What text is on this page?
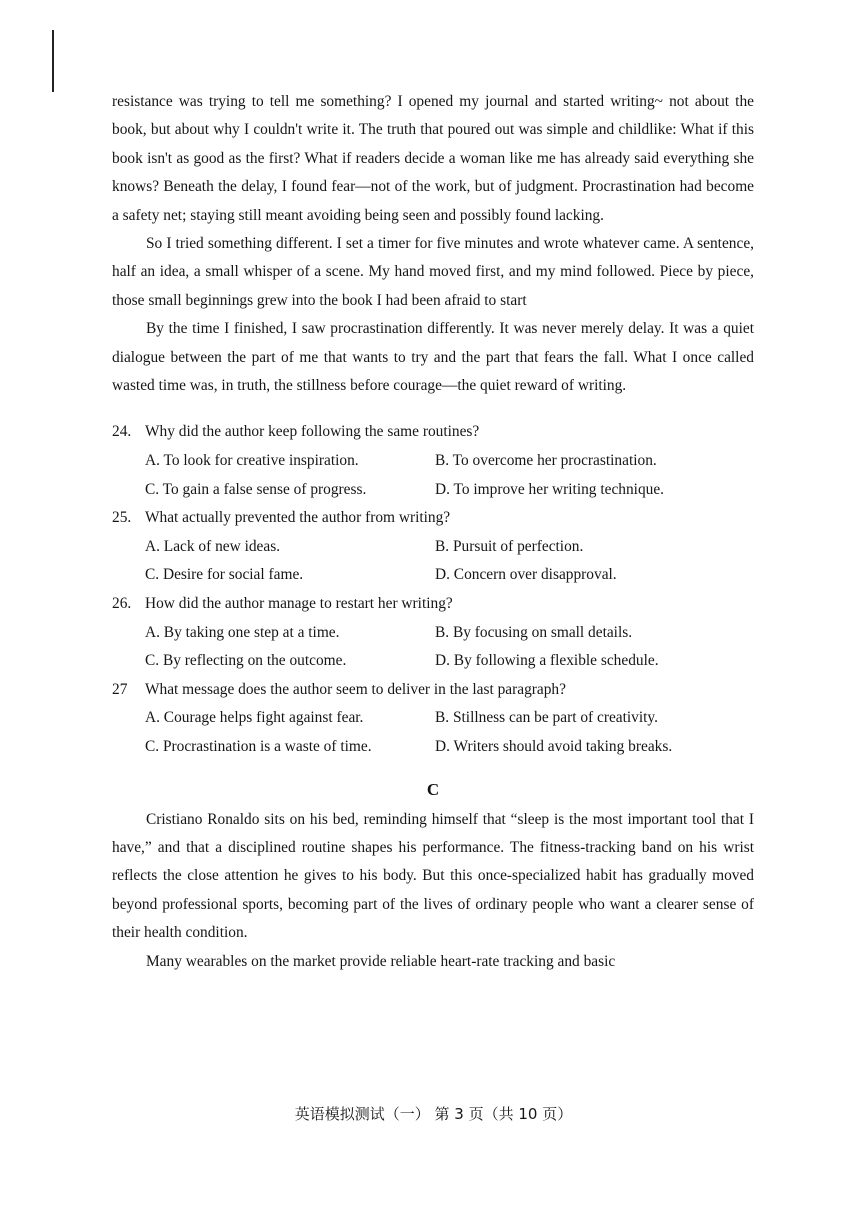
resistance was trying to tell me something? I opened my journal and started writing~ not about the book, but about why I couldn't write it. The truth that poured out was simple and childlike: What if this book isn't as good as the first? What if readers decide a woman like me has already said everything she knows? Beneath the delay, I found fear—not of the work, but of judgment. Procrastination had become a safety net; staying still meant avoiding being seen and possibly found lacking.

So I tried something different. I set a timer for five minutes and wrote whatever came. A sentence, half an idea, a small whisper of a scene. My hand moved first, and my mind followed. Piece by piece, those small beginnings grew into the book I had been afraid to start

By the time I finished, I saw procrastination differently. It was never merely delay. It was a quiet dialogue between the part of me that wants to try and the part that fears the fall. What I once called wasted time was, in truth, the stillness before courage—the quiet reward of writing.

24. Why did the author keep following the same routines?
A. To look for creative inspiration.	B. To overcome her procrastination.
C. To gain a false sense of progress.	D. To improve her writing technique.
25. What actually prevented the author from writing?
A. Lack of new ideas.	B. Pursuit of perfection.
C. Desire for social fame.	D. Concern over disapproval.
26. How did the author manage to restart her writing?
A. By taking one step at a time.	B. By focusing on small details.
C. By reflecting on the outcome.	D. By following a flexible schedule.
27	What message does the author seem to deliver in the last paragraph?
A. Courage helps fight against fear.	B. Stillness can be part of creativity.
C. Procrastination is a waste of time.	D. Writers should avoid taking breaks.
C

Cristiano Ronaldo sits on his bed, reminding himself that “sleep is the most important tool that I have,” and that a disciplined routine shapes his performance. The fitness-tracking band on his wrist reflects the close attention he gives to his body. But this once-specialized habit has gradually moved beyond professional sports, becoming part of the lives of ordinary people who want a clearer sense of their health condition.

Many wearables on the market provide reliable heart-rate tracking and basic

英语模拟测试（一） 第 3 页（共 10 页）
